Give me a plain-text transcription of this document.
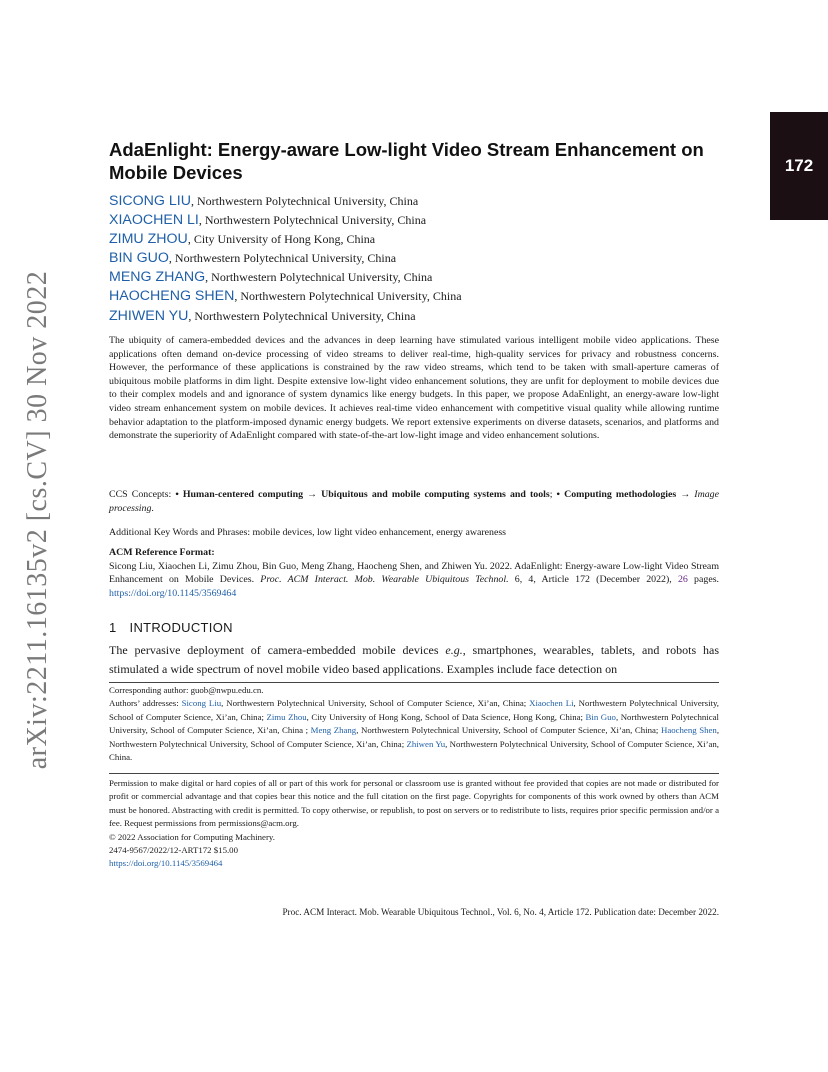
arXiv:2211.16135v2 [cs.CV] 30 Nov 2022
172
AdaEnlight: Energy-aware Low-light Video Stream Enhancement on Mobile Devices
SICONG LIU, Northwestern Polytechnical University, China
XIAOCHEN LI, Northwestern Polytechnical University, China
ZIMU ZHOU, City University of Hong Kong, China
BIN GUO, Northwestern Polytechnical University, China
MENG ZHANG, Northwestern Polytechnical University, China
HAOCHENG SHEN, Northwestern Polytechnical University, China
ZHIWEN YU, Northwestern Polytechnical University, China
The ubiquity of camera-embedded devices and the advances in deep learning have stimulated various intelligent mobile video applications. These applications often demand on-device processing of video streams to deliver real-time, high-quality services for privacy and robustness concerns. However, the performance of these applications is constrained by the raw video streams, which tend to be taken with small-aperture cameras of ubiquitous mobile platforms in dim light. Despite extensive low-light video enhancement solutions, they are unfit for deployment to mobile devices due to their complex models and and ignorance of system dynamics like energy budgets. In this paper, we propose AdaEnlight, an energy-aware low-light video stream enhancement system on mobile devices. It achieves real-time video enhancement with competitive visual quality while allowing runtime behavior adaptation to the platform-imposed dynamic energy budgets. We report extensive experiments on diverse datasets, scenarios, and platforms and demonstrate the superiority of AdaEnlight compared with state-of-the-art low-light image and video enhancement solutions.
CCS Concepts: • Human-centered computing → Ubiquitous and mobile computing systems and tools; • Computing methodologies → Image processing.
Additional Key Words and Phrases: mobile devices, low light video enhancement, energy awareness
ACM Reference Format:
Sicong Liu, Xiaochen Li, Zimu Zhou, Bin Guo, Meng Zhang, Haocheng Shen, and Zhiwen Yu. 2022. AdaEnlight: Energy-aware Low-light Video Stream Enhancement on Mobile Devices. Proc. ACM Interact. Mob. Wearable Ubiquitous Technol. 6, 4, Article 172 (December 2022), 26 pages. https://doi.org/10.1145/3569464
1 INTRODUCTION
The pervasive deployment of camera-embedded mobile devices e.g., smartphones, wearables, tablets, and robots has stimulated a wide spectrum of novel mobile video based applications. Examples include face detection on
Corresponding author: guob@nwpu.edu.cn.
Authors’ addresses: Sicong Liu, Northwestern Polytechnical University, School of Computer Science, Xi’an, China; Xiaochen Li, Northwestern Polytechnical University, School of Computer Science, Xi’an, China; Zimu Zhou, City University of Hong Kong, School of Data Science, Hong Kong, China; Bin Guo, Northwestern Polytechnical University, School of Computer Science, Xi’an, China ; Meng Zhang, Northwestern Polytechnical University, School of Computer Science, Xi’an, China; Haocheng Shen, Northwestern Polytechnical University, School of Computer Science, Xi’an, China; Zhiwen Yu, Northwestern Polytechnical University, School of Computer Science, Xi’an, China.
Permission to make digital or hard copies of all or part of this work for personal or classroom use is granted without fee provided that copies are not made or distributed for profit or commercial advantage and that copies bear this notice and the full citation on the first page. Copyrights for components of this work owned by others than ACM must be honored. Abstracting with credit is permitted. To copy otherwise, or republish, to post on servers or to redistribute to lists, requires prior specific permission and/or a fee. Request permissions from permissions@acm.org.
© 2022 Association for Computing Machinery.
2474-9567/2022/12-ART172 $15.00
https://doi.org/10.1145/3569464
Proc. ACM Interact. Mob. Wearable Ubiquitous Technol., Vol. 6, No. 4, Article 172. Publication date: December 2022.
